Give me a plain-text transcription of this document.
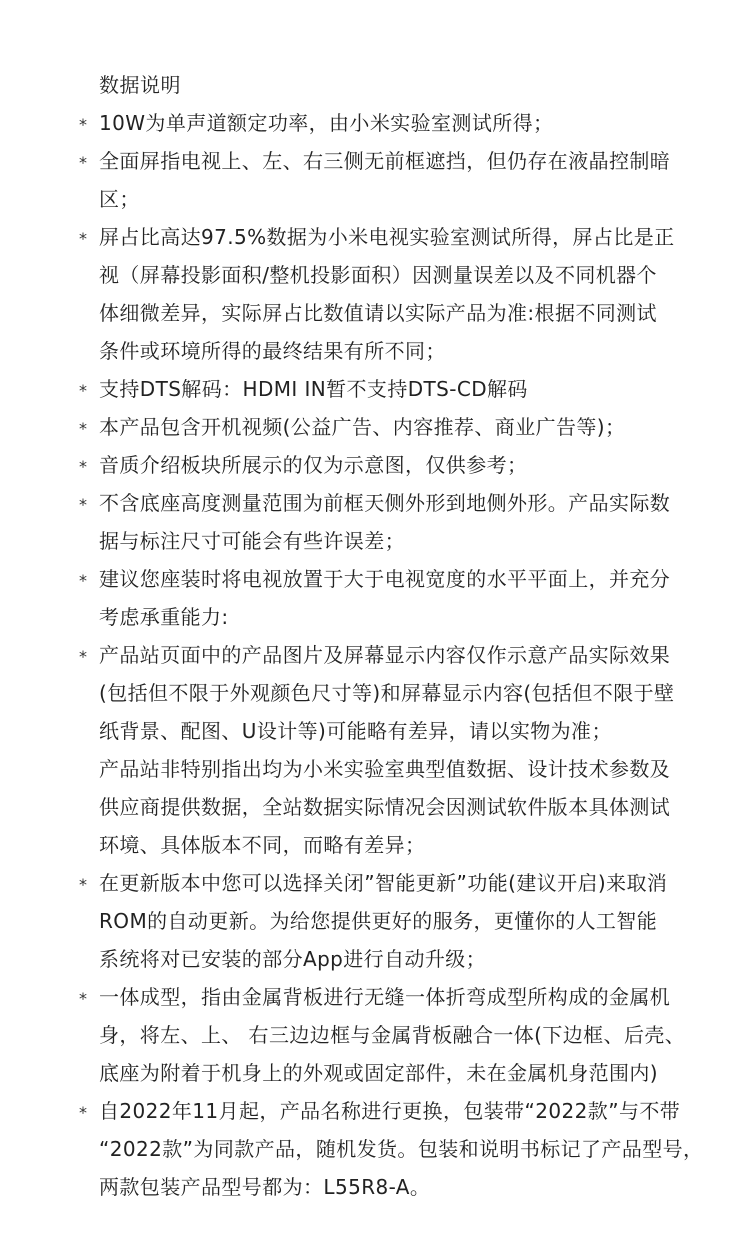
数据说明
* 10W为单声道额定功率，由小米实验室测试所得；
* 全面屏指电视上、左、右三侧无前框遮挡，但仍存在液晶控制暗
区；
* 屏占比高达97.5%数据为小米电视实验室测试所得，屏占比是正
视（屏幕投影面积/整机投影面积）因测量误差以及不同机器个
体细微差异，实际屏占比数值请以实际产品为准:根据不同测试
条件或环境所得的最终结果有所不同；
* 支持DTS解码：HDMI IN暂不支持DTS-CD解码
* 本产品包含开机视频(公益广告、内容推荐、商业广告等)；
* 音质介绍板块所展示的仅为示意图，仅供参考；
* 不含底座高度测量范围为前框天侧外形到地侧外形。产品实际数
据与标注尺寸可能会有些许误差；
* 建议您座装时将电视放置于大于电视宽度的水平平面上，并充分
考虑承重能力:
* 产品站页面中的产品图片及屏幕显示内容仅作示意产品实际效果
(包括但不限于外观颜色尺寸等)和屏幕显示内容(包括但不限于壁
纸背景、配图、U设计等)可能略有差异，请以实物为准；
产品站非特别指出均为小米实验室典型值数据、设计技术参数及
供应商提供数据，全站数据实际情况会因测试软件版本具体测试
环境、具体版本不同，而略有差异；
* 在更新版本中您可以选择关闭”智能更新”功能(建议开启)来取消
ROM的自动更新。为给您提供更好的服务，更懂你的人工智能
系统将对已安装的部分App进行自动升级；
* 一体成型，指由金属背板进行无缝一体折弯成型所构成的金属机
身，将左、上、 右三边边框与金属背板融合一体(下边框、后壳、
底座为附着于机身上的外观或固定部件，未在金属机身范围内)
* 自2022年11月起，产品名称进行更换，包装带“2022款”与不带
“2022款”为同款产品，随机发货。包装和说明书标记了产品型号，
两款包装产品型号都为：L55R8-A。
